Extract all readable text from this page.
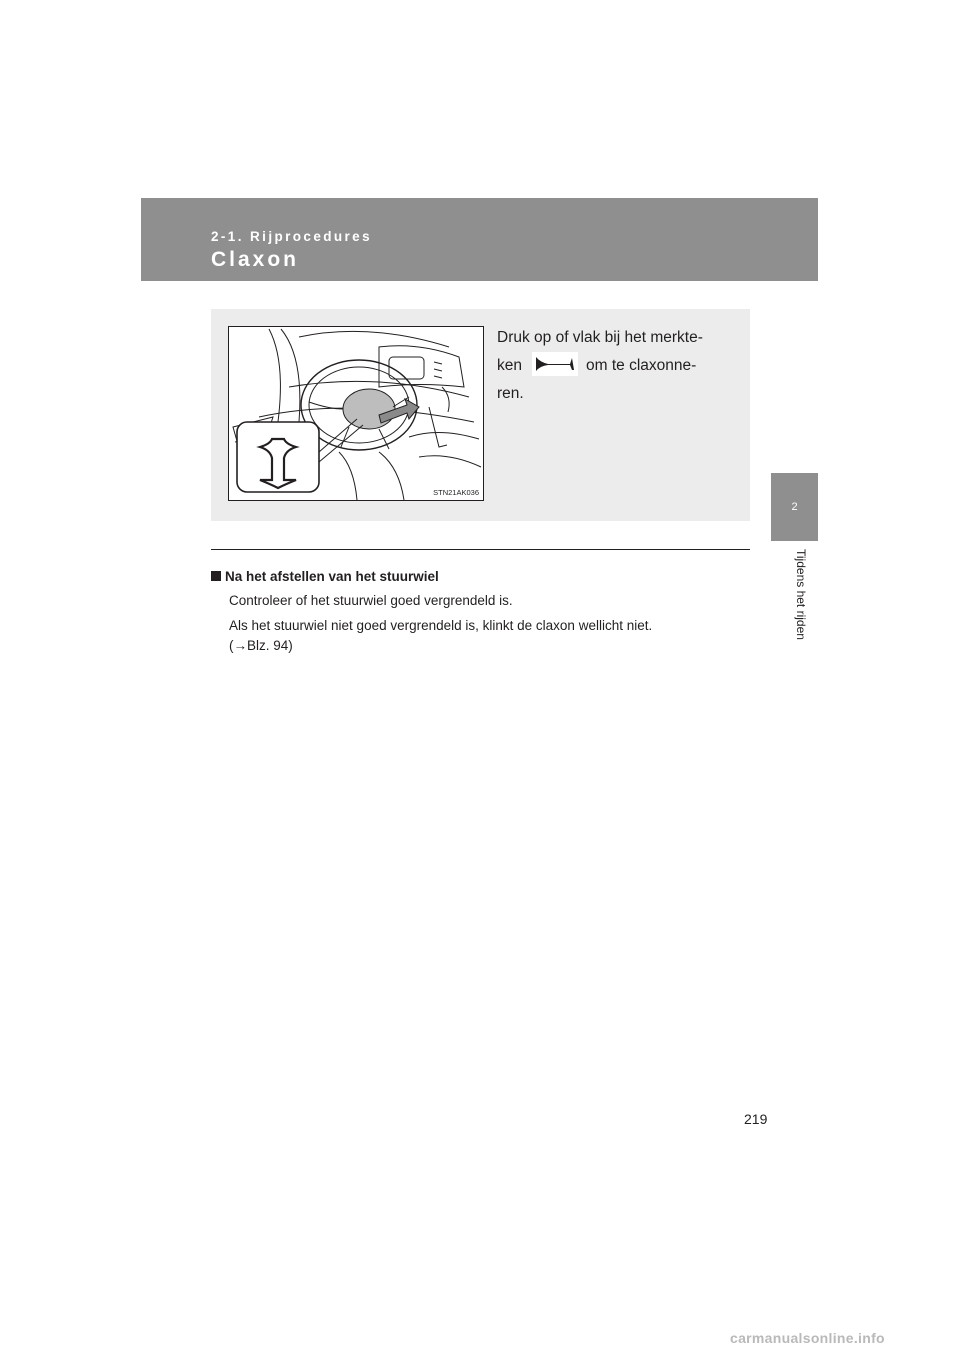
2-1. Rijprocedures
Claxon
2
Tijdens het rijden
STN21AK036
Druk op of vlak bij het merkte-
ken	om te claxonne-
ren.
Na het afstellen van het stuurwiel
Controleer of het stuurwiel goed vergrendeld is.
Als het stuurwiel niet goed vergrendeld is, klinkt de claxon wellicht niet.
(→Blz. 94)
219
carmanualsonline.info
